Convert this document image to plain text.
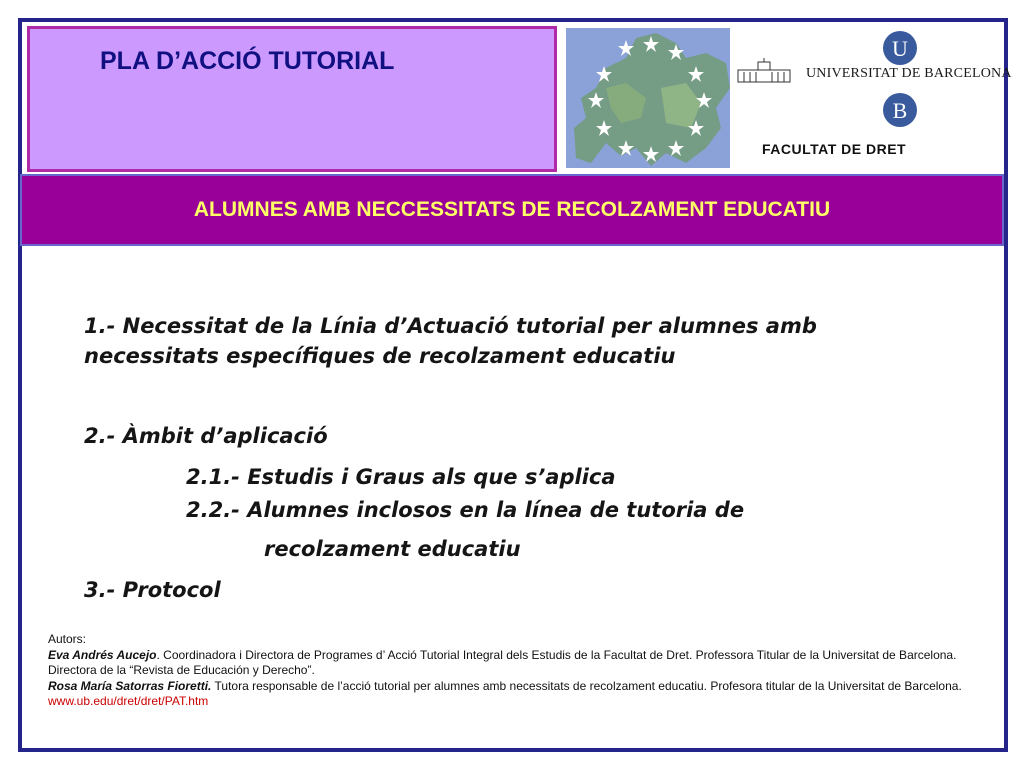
PLA D’ACCIÓ TUTORIAL	U
B
UNIVERSITAT DE BARCELONA
FACULTAT DE DRET
ALUMNES AMB NECCESSITATS DE RECOLZAMENT EDUCATIU
1.- Necessitat de la Línia d’Actuació tutorial per alumnes amb
necessitats específiques de recolzament educatiu
2.- Àmbit d’aplicació
2.1.- Estudis i Graus als que s’aplica
2.2.- Alumnes inclosos en la línea de tutoria de
recolzament educatiu
3.- Protocol
Autors:
Eva Andrés Aucejo. Coordinadora i Directora de Programes d’ Acció Tutorial Integral dels Estudis de la Facultat de Dret. Professora Titular de la Universitat de Barcelona. Directora de la “Revista de Educación y Derecho”.
Rosa María Satorras Fioretti. Tutora responsable de l’acció tutorial per alumnes amb necessitats de recolzament educatiu. Profesora titular de la Universitat de Barcelona.
www.ub.edu/dret/dret/PAT.htm
